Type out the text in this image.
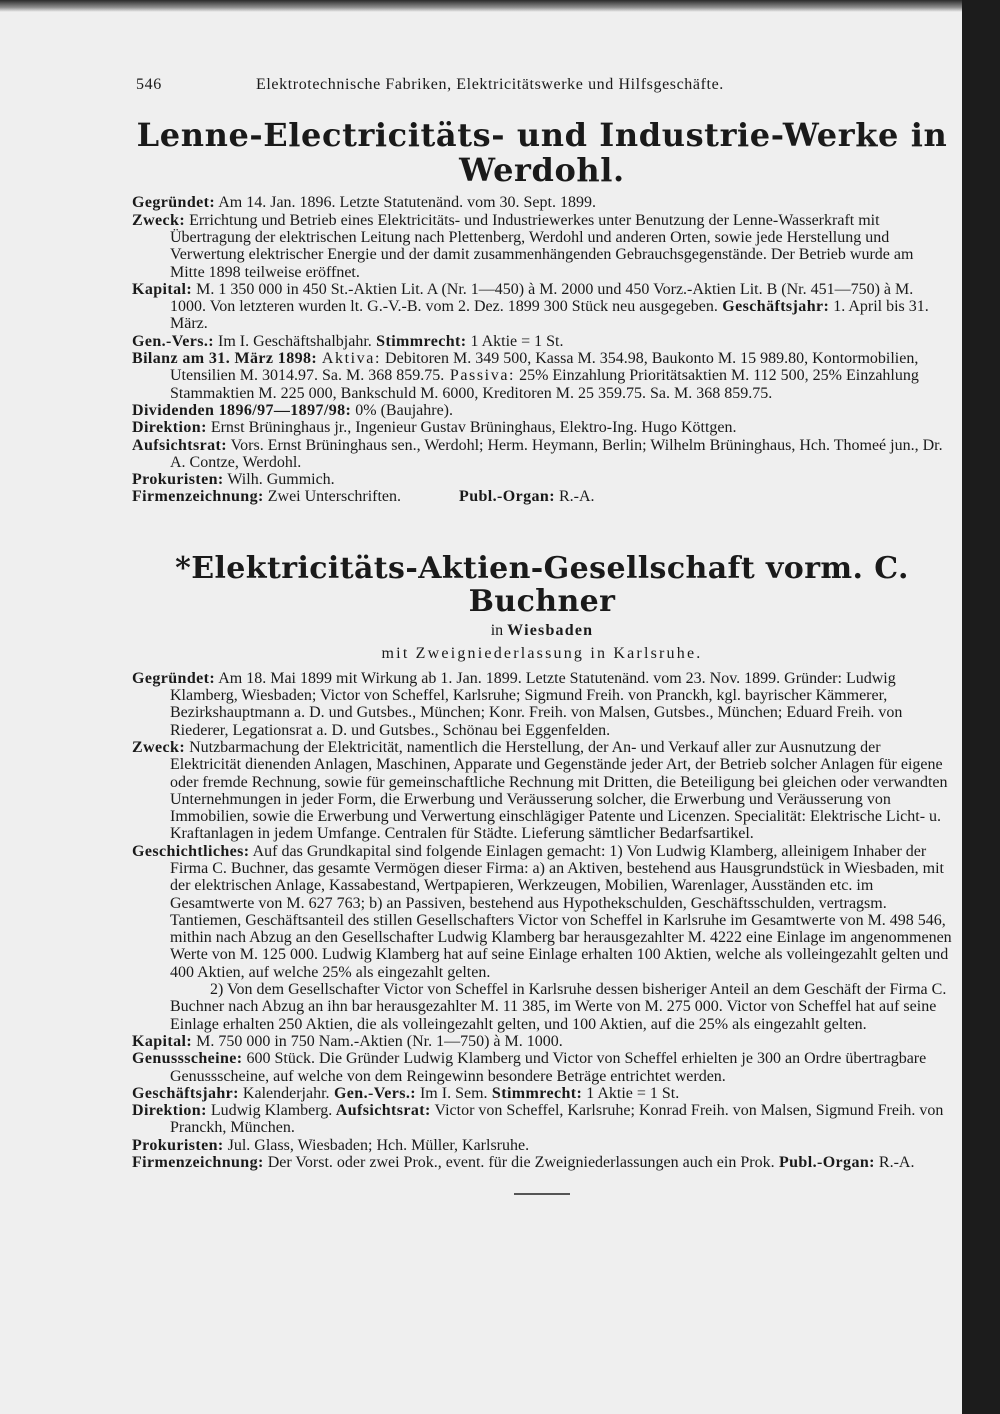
546	Elektrotechnische Fabriken, Elektricitätswerke und Hilfsgeschäfte.
Lenne-Electricitäts- und Industrie-Werke in Werdohl.

Gegründet: Am 14. Jan. 1896. Letzte Statutenänd. vom 30. Sept. 1899.

Zweck: Errichtung und Betrieb eines Elektricitäts- und Industriewerkes unter Benutzung der Lenne-Wasserkraft mit Übertragung der elektrischen Leitung nach Plettenberg, Werdohl und anderen Orten, sowie jede Herstellung und Verwertung elektrischer Energie und der damit zusammenhängenden Gebrauchsgegenstände. Der Betrieb wurde am Mitte 1898 teilweise eröffnet.

Kapital: M. 1 350 000 in 450 St.-Aktien Lit. A (Nr. 1—450) à M. 2000 und 450 Vorz.-Aktien Lit. B (Nr. 451—750) à M. 1000. Von letzteren wurden lt. G.-V.-B. vom 2. Dez. 1899 300 Stück neu ausgegeben. Geschäftsjahr: 1. April bis 31. März.

Gen.-Vers.: Im I. Geschäftshalbjahr. Stimmrecht: 1 Aktie = 1 St.

Bilanz am 31. März 1898: Aktiva: Debitoren M. 349 500, Kassa M. 354.98, Baukonto M. 15 989.80, Kontormobilien, Utensilien M. 3014.97. Sa. M. 368 859.75. Passiva: 25% Einzahlung Prioritätsaktien M. 112 500, 25% Einzahlung Stammaktien M. 225 000, Bankschuld M. 6000, Kreditoren M. 25 359.75. Sa. M. 368 859.75.

Dividenden 1896/97—1897/98: 0% (Baujahre).

Direktion: Ernst Brüninghaus jr., Ingenieur Gustav Brüninghaus, Elektro-Ing. Hugo Köttgen.

Aufsichtsrat: Vors. Ernst Brüninghaus sen., Werdohl; Herm. Heymann, Berlin; Wilhelm Brüninghaus, Hch. Thomeé jun., Dr. A. Contze, Werdohl.

Prokuristen: Wilh. Gummich.

Firmenzeichnung: Zwei Unterschriften.	Publ.-Organ: R.-A.

*Elektricitäts-Aktien-Gesellschaft vorm. C. Buchner
in Wiesbaden
mit Zweigniederlassung in Karlsruhe.

Gegründet: Am 18. Mai 1899 mit Wirkung ab 1. Jan. 1899. Letzte Statutenänd. vom 23. Nov. 1899. Gründer: Ludwig Klamberg, Wiesbaden; Victor von Scheffel, Karlsruhe; Sigmund Freih. von Pranckh, kgl. bayrischer Kämmerer, Bezirkshauptmann a. D. und Gutsbes., München; Konr. Freih. von Malsen, Gutsbes., München; Eduard Freih. von Riederer, Legationsrat a. D. und Gutsbes., Schönau bei Eggenfelden.

Zweck: Nutzbarmachung der Elektricität, namentlich die Herstellung, der An- und Verkauf aller zur Ausnutzung der Elektricität dienenden Anlagen, Maschinen, Apparate und Gegenstände jeder Art, der Betrieb solcher Anlagen für eigene oder fremde Rechnung, sowie für gemeinschaftliche Rechnung mit Dritten, die Beteiligung bei gleichen oder verwandten Unternehmungen in jeder Form, die Erwerbung und Veräusserung solcher, die Erwerbung und Veräusserung von Immobilien, sowie die Erwerbung und Verwertung einschlägiger Patente und Licenzen. Specialität: Elektrische Licht- u. Kraftanlagen in jedem Umfange. Centralen für Städte. Lieferung sämtlicher Bedarfsartikel.

Geschichtliches: Auf das Grundkapital sind folgende Einlagen gemacht: 1) Von Ludwig Klamberg, alleinigem Inhaber der Firma C. Buchner, das gesamte Vermögen dieser Firma: a) an Aktiven, bestehend aus Hausgrundstück in Wiesbaden, mit der elektrischen Anlage, Kassabestand, Wertpapieren, Werkzeugen, Mobilien, Warenlager, Ausständen etc. im Gesamtwerte von M. 627 763; b) an Passiven, bestehend aus Hypothekschulden, Geschäftsschulden, vertragsm. Tantiemen, Geschäftsanteil des stillen Gesellschafters Victor von Scheffel in Karlsruhe im Gesamtwerte von M. 498 546, mithin nach Abzug an den Gesellschafter Ludwig Klamberg bar herausgezahlter M. 4222 eine Einlage im angenommenen Werte von M. 125 000. Ludwig Klamberg hat auf seine Einlage erhalten 100 Aktien, welche als volleingezahlt gelten und 400 Aktien, auf welche 25% als eingezahlt gelten.

2) Von dem Gesellschafter Victor von Scheffel in Karlsruhe dessen bisheriger Anteil an dem Geschäft der Firma C. Buchner nach Abzug an ihn bar herausgezahlter M. 11 385, im Werte von M. 275 000. Victor von Scheffel hat auf seine Einlage erhalten 250 Aktien, die als volleingezahlt gelten, und 100 Aktien, auf die 25% als eingezahlt gelten.

Kapital: M. 750 000 in 750 Nam.-Aktien (Nr. 1—750) à M. 1000.

Genussscheine: 600 Stück. Die Gründer Ludwig Klamberg und Victor von Scheffel erhielten je 300 an Ordre übertragbare Genussscheine, auf welche von dem Reingewinn besondere Beträge entrichtet werden.

Geschäftsjahr: Kalenderjahr. Gen.-Vers.: Im I. Sem. Stimmrecht: 1 Aktie = 1 St.

Direktion: Ludwig Klamberg. Aufsichtsrat: Victor von Scheffel, Karlsruhe; Konrad Freih. von Malsen, Sigmund Freih. von Pranckh, München.

Prokuristen: Jul. Glass, Wiesbaden; Hch. Müller, Karlsruhe.

Firmenzeichnung: Der Vorst. oder zwei Prok., event. für die Zweigniederlassungen auch ein Prok. Publ.-Organ: R.-A.
